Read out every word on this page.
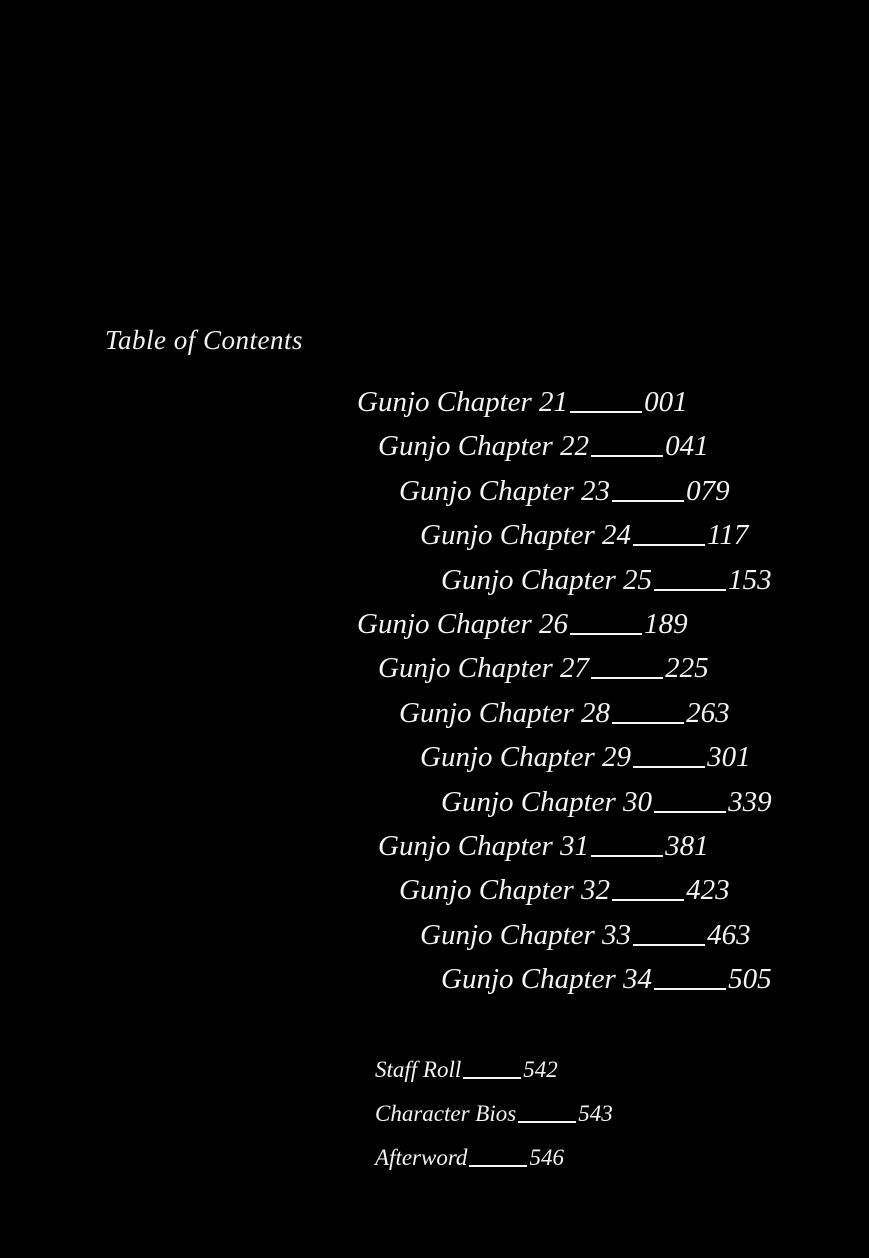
Table of Contents
Gunjo Chapter 21	001
Gunjo Chapter 22	041
Gunjo Chapter 23	079
Gunjo Chapter 24	117
Gunjo Chapter 25	153
Gunjo Chapter 26	189
Gunjo Chapter 27	225
Gunjo Chapter 28	263
Gunjo Chapter 29	301
Gunjo Chapter 30	339
Gunjo Chapter 31	381
Gunjo Chapter 32	423
Gunjo Chapter 33	463
Gunjo Chapter 34	505
Staff Roll	542
Character Bios	543
Afterword	546
